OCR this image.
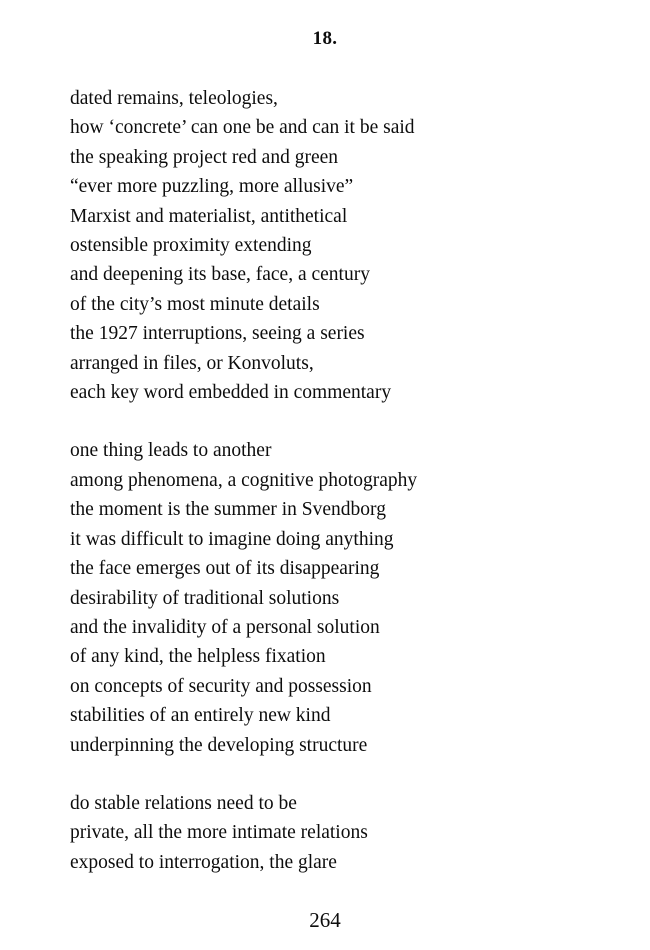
18.

dated remains, teleologies,

how ‘concrete’ can one be and can it be said

the speaking project red and green

“ever more puzzling, more allusive”

Marxist and materialist, antithetical

ostensible proximity extending

and deepening its base, face, a century

of the city’s most minute details

the 1927 interruptions, seeing a series

arranged in files, or Konvoluts,

each key word embedded in commentary

one thing leads to another

among phenomena, a cognitive photography

the moment is the summer in Svendborg

it was difficult to imagine doing anything

the face emerges out of its disappearing

desirability of traditional solutions

and the invalidity of a personal solution

of any kind, the helpless fixation

on concepts of security and possession

stabilities of an entirely new kind

underpinning the developing structure

do stable relations need to be

private, all the more intimate relations

exposed to interrogation, the glare

264
